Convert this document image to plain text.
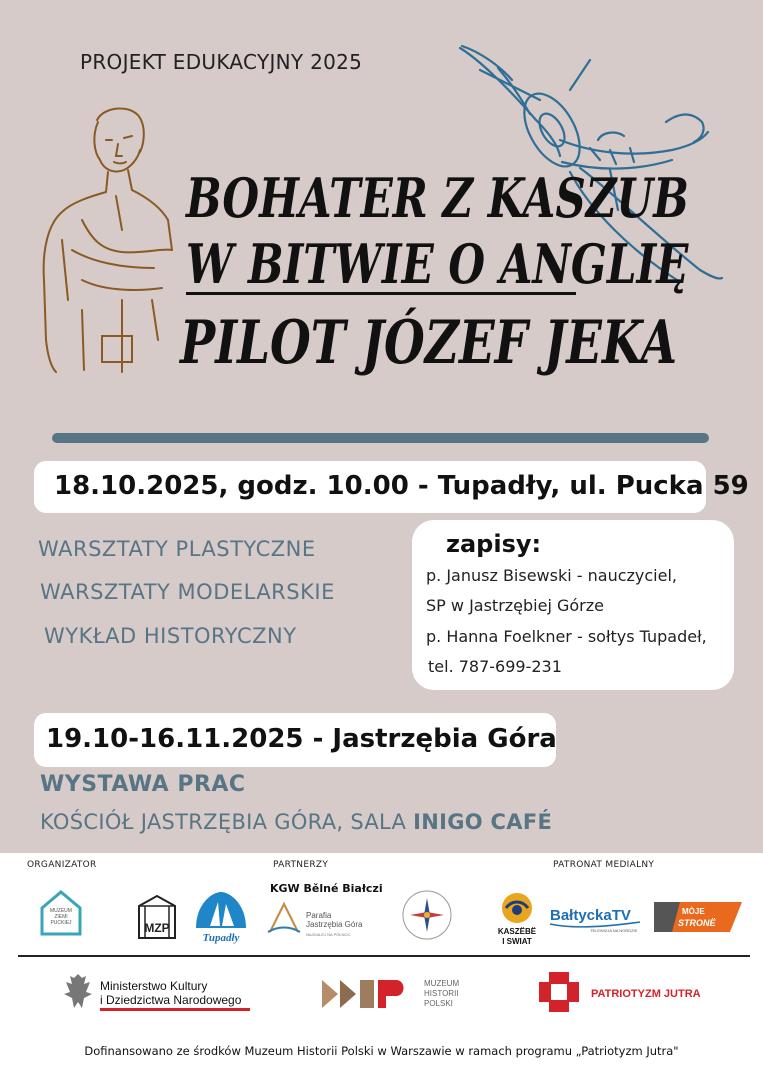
PROJEKT EDUKACYJNY 2025
BOHATER Z KASZUB
W BITWIE O ANGLIĘ
PILOT JÓZEF JEKA
18.10.2025, godz. 10.00 - Tupadły, ul. Pucka 59
WARSZTATY PLASTYCZNE
WARSZTATY MODELARSKIE
WYKŁAD HISTORYCZNY
zapisy:
p. Janusz Bisewski - nauczyciel,
SP w Jastrzębiej Górze
p. Hanna Foelkner - sołtys Tupadeł,
tel. 787-699-231
19.10-16.11.2025 - Jastrzębia Góra
WYSTAWA PRAC
KOŚCIÓŁ JASTRZĘBIA GÓRA, SALA INIGO CAFÉ
ORGANIZATOR	PARTNERZY	PATRONAT MEDIALNY
MUZEUM
ZIEMI
PUCKIEJ	MZP
Tupadły
KGW Bělné Białczi
Parafia
Jastrzębia Góra
NAJDALEJ NA PÓŁNOC	KASZËBË
I SWIAT
BałtyckaTV
TELEWIZJA NA NORDZIE
MÒJE
STRONË
Ministerstwo Kultury
i Dziedzictwa Narodowego
MUZEUM
HISTORII
POLSKI
PATRIOTYZM JUTRA
Dofinansowano ze środków Muzeum Historii Polski w Warszawie w ramach programu „Patriotyzm Jutra"
